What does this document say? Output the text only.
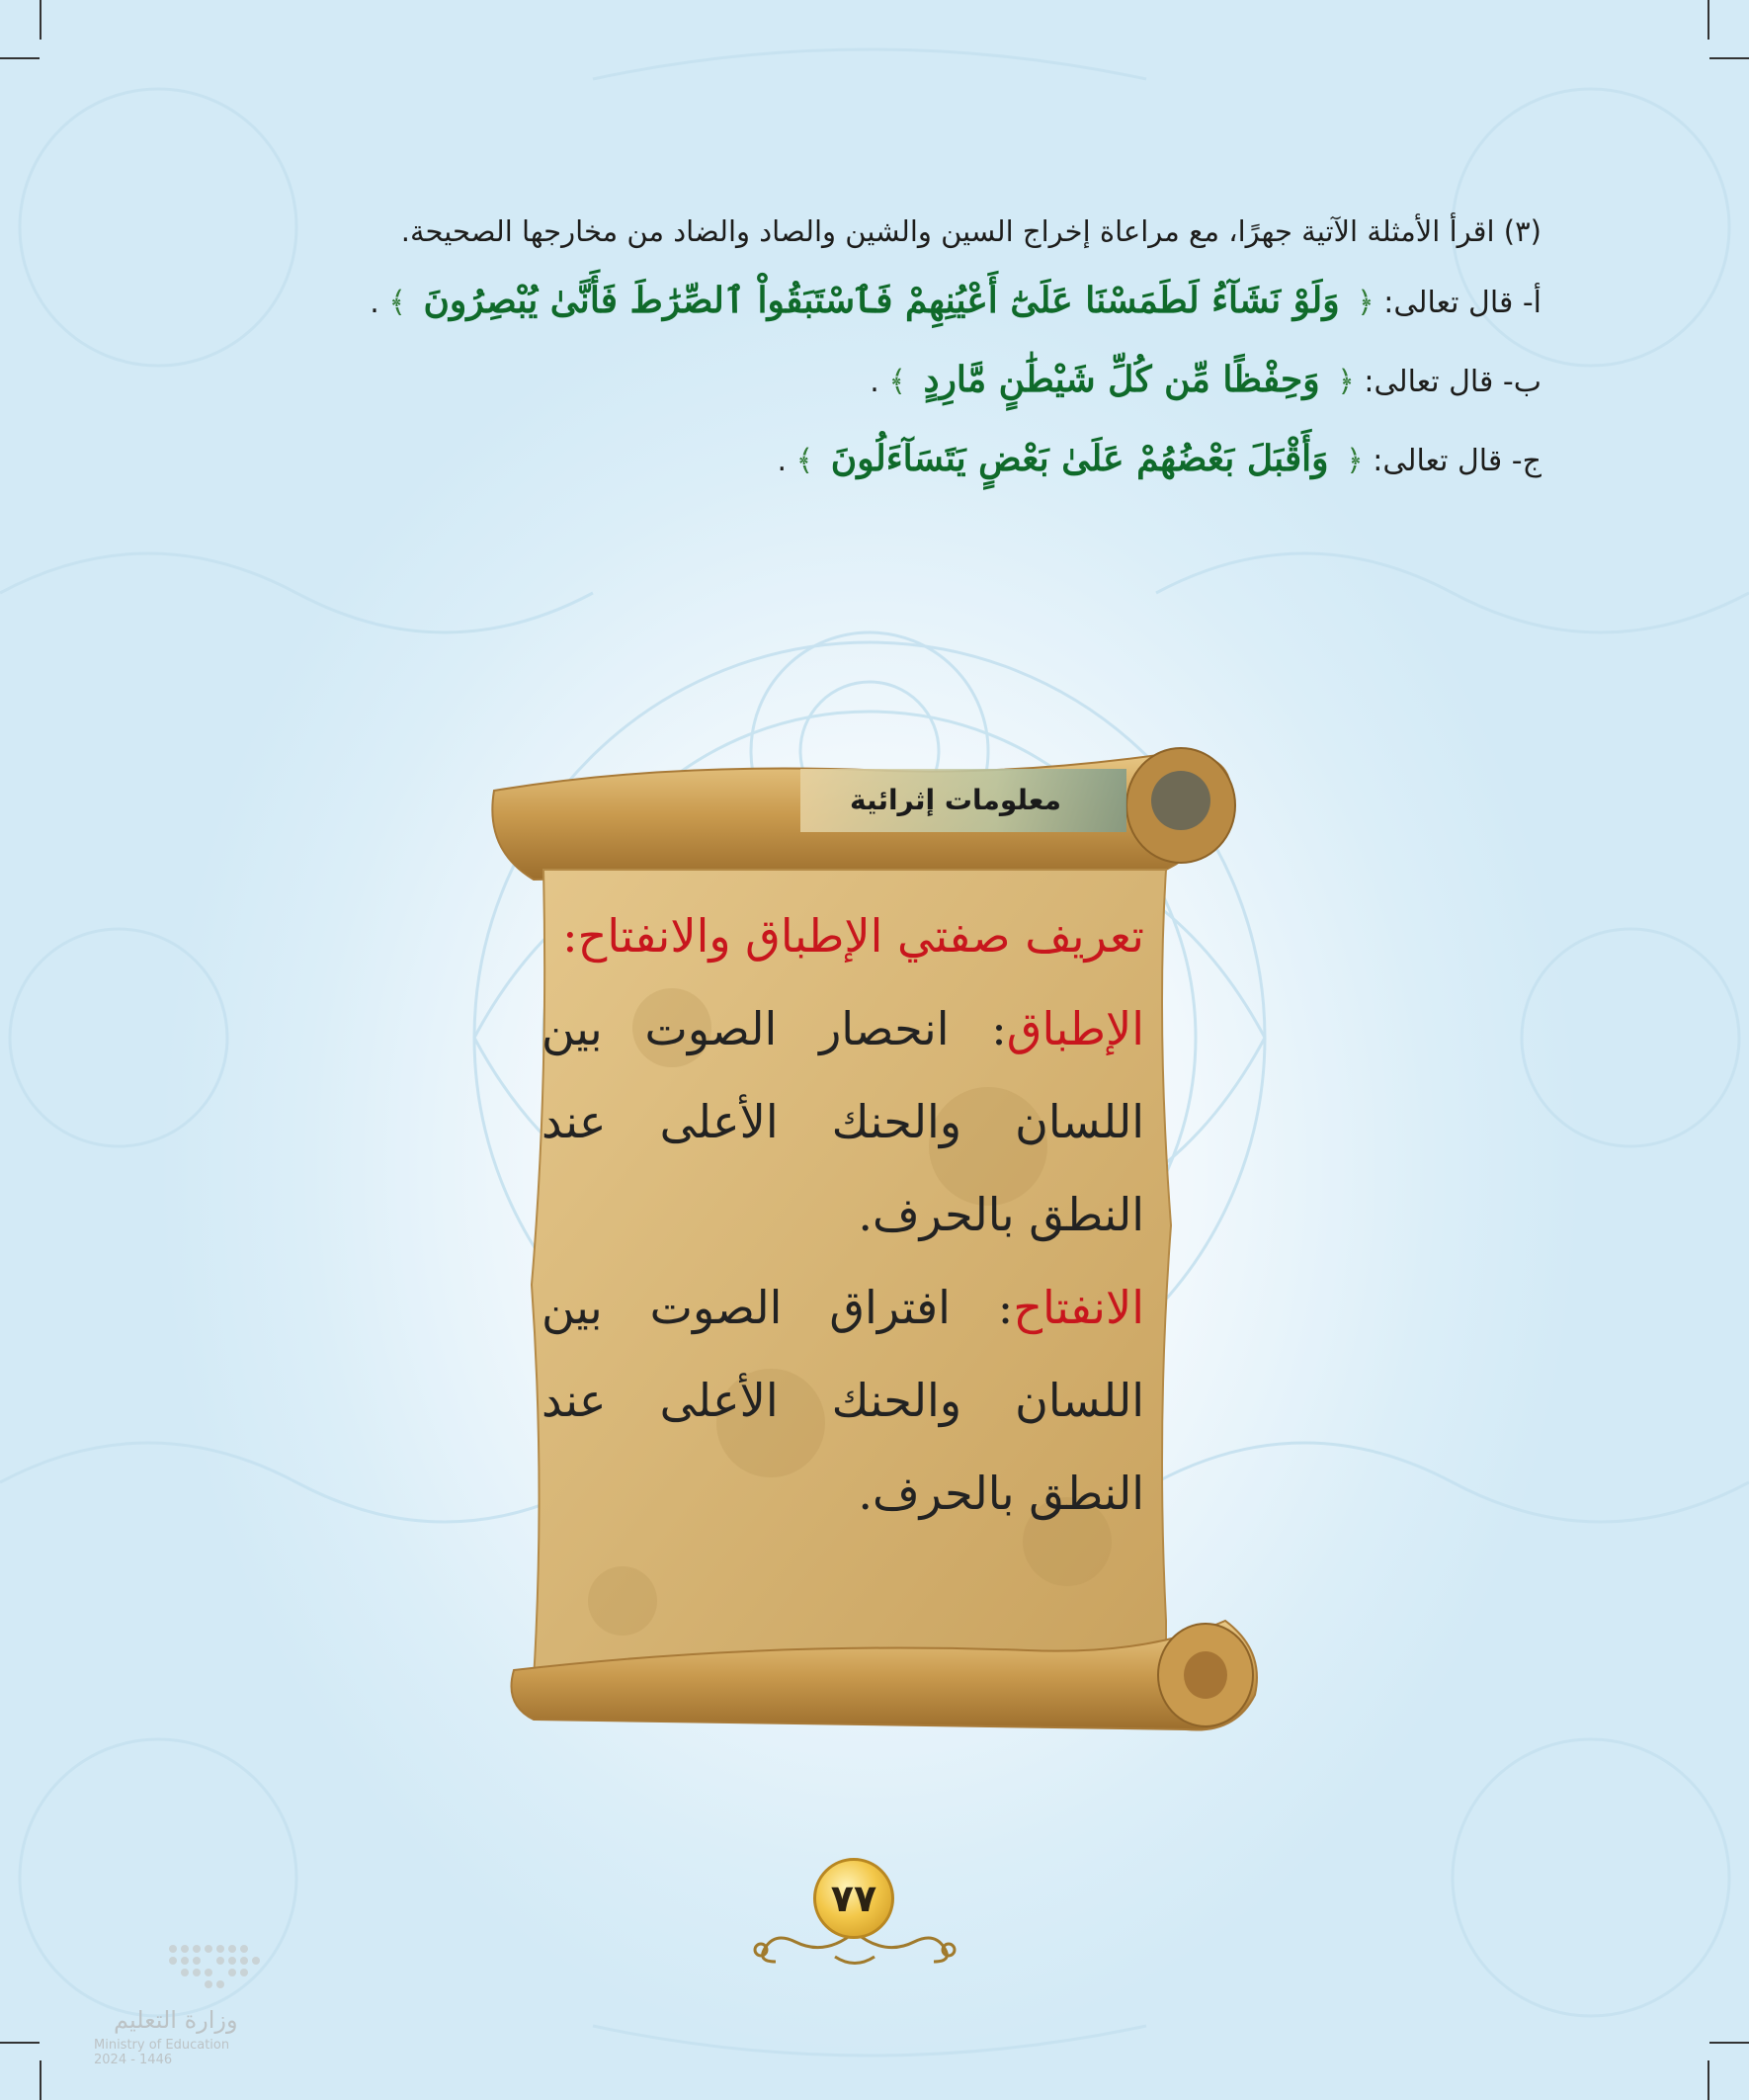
(٣) اقرأ الأمثلة الآتية جهرًا، مع مراعاة إخراج السين والشين والصاد والضاد من مخارجها الصحيحة.

أ- قال تعالى: ﴿ وَلَوْ نَشَآءُ لَطَمَسْنَا عَلَىٰٓ أَعْيُنِهِمْ فَٱسْتَبَقُواْ ٱلصِّرَٰطَ فَأَنَّىٰ يُبْصِرُونَ ﴾ .
ب- قال تعالى: ﴿ وَحِفْظًا مِّن كُلِّ شَيْطَٰنٍ مَّارِدٍ ﴾ .
ج- قال تعالى: ﴿ وَأَقْبَلَ بَعْضُهُمْ عَلَىٰ بَعْضٍ يَتَسَآءَلُونَ ﴾ .
معلومات إثرائية

تعريف صفتي الإطباق والانفتاح:

الإطباق: انحصار الصوت بين اللسان والحنك الأعلى عند النطق بالحرف.

الانفتاح: افتراق الصوت بين اللسان والحنك الأعلى عند النطق بالحرف.

٧٧
وزارة التعليم
Ministry of Education
2024 - 1446
